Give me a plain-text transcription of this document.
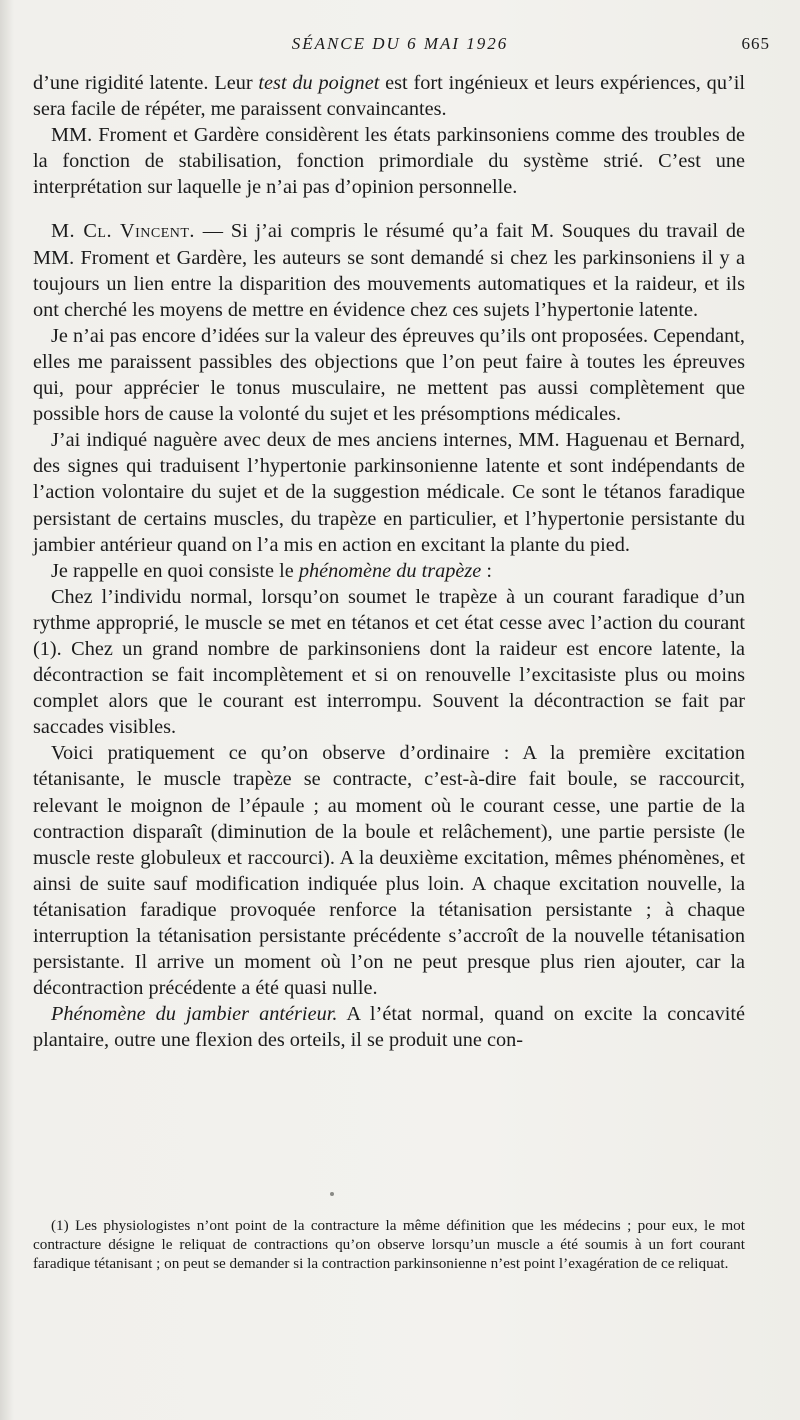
SÉANCE DU 6 MAI 1926	665

d’une rigidité latente. Leur test du poignet est fort ingénieux et leurs expériences, qu’il sera facile de répéter, me paraissent convaincantes.

MM. Froment et Gardère considèrent les états parkinsoniens comme des troubles de la fonction de stabilisation, fonction primordiale du système strié. C’est une interprétation sur laquelle je n’ai pas d’opinion personnelle.

M. Cl. Vincent. — Si j’ai compris le résumé qu’a fait M. Souques du travail de MM. Froment et Gardère, les auteurs se sont demandé si chez les parkinsoniens il y a toujours un lien entre la disparition des mouvements automatiques et la raideur, et ils ont cherché les moyens de mettre en évidence chez ces sujets l’hypertonie latente.

Je n’ai pas encore d’idées sur la valeur des épreuves qu’ils ont proposées. Cependant, elles me paraissent passibles des objections que l’on peut faire à toutes les épreuves qui, pour apprécier le tonus musculaire, ne mettent pas aussi complètement que possible hors de cause la volonté du sujet et les présomptions médicales.

J’ai indiqué naguère avec deux de mes anciens internes, MM. Haguenau et Bernard, des signes qui traduisent l’hypertonie parkinsonienne latente et sont indépendants de l’action volontaire du sujet et de la suggestion médicale. Ce sont le tétanos faradique persistant de certains muscles, du trapèze en particulier, et l’hypertonie persistante du jambier antérieur quand on l’a mis en action en excitant la plante du pied.

Je rappelle en quoi consiste le phénomène du trapèze :

Chez l’individu normal, lorsqu’on soumet le trapèze à un courant faradique d’un rythme approprié, le muscle se met en tétanos et cet état cesse avec l’action du courant (1). Chez un grand nombre de parkinsoniens dont la raideur est encore latente, la décontraction se fait incomplètement et si on renouvelle l’excitasiste plus ou moins complet alors que le courant est interrompu. Souvent la décontraction se fait par saccades visibles.

Voici pratiquement ce qu’on observe d’ordinaire : A la première excitation tétanisante, le muscle trapèze se contracte, c’est-à-dire fait boule, se raccourcit, relevant le moignon de l’épaule ; au moment où le courant cesse, une partie de la contraction disparaît (diminution de la boule et relâchement), une partie persiste (le muscle reste globuleux et raccourci). A la deuxième excitation, mêmes phénomènes, et ainsi de suite sauf modification indiquée plus loin. A chaque excitation nouvelle, la tétanisation faradique provoquée renforce la tétanisation persistante ; à chaque interruption la tétanisation persistante précédente s’accroît de la nouvelle tétanisation persistante. Il arrive un moment où l’on ne peut presque plus rien ajouter, car la décontraction précédente a été quasi nulle.

Phénomène du jambier antérieur. A l’état normal, quand on excite la concavité plantaire, outre une flexion des orteils, il se produit une con-

(1) Les physiologistes n’ont point de la contracture la même définition que les médecins ; pour eux, le mot contracture désigne le reliquat de contractions qu’on observe lorsqu’un muscle a été soumis à un fort courant faradique tétanisant ; on peut se demander si la contraction parkinsonienne n’est point l’exagération de ce reliquat.
